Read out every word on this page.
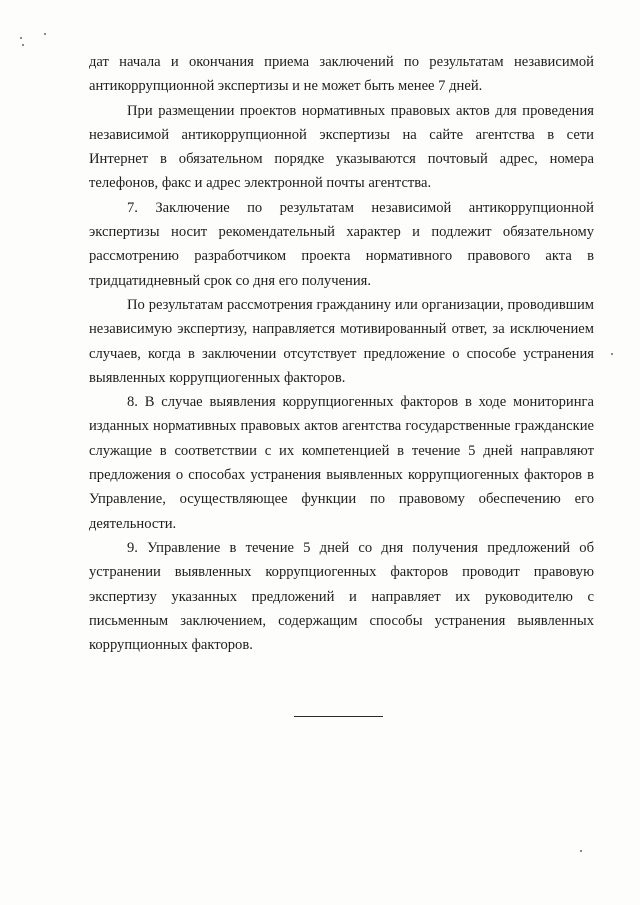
дат начала и окончания приема заключений по результатам независимой антикоррупционной экспертизы и не может быть менее 7 дней.

При размещении проектов нормативных правовых актов для проведения независимой антикоррупционной экспертизы на сайте агентства в сети Интернет в обязательном порядке указываются почтовый адрес, номера телефонов, факс и адрес электронной почты агентства.

7. Заключение по результатам независимой антикоррупционной экспертизы носит рекомендательный характер и подлежит обязательному рассмотрению разработчиком проекта нормативного правового акта в тридцатидневный срок со дня его получения.

По результатам рассмотрения гражданину или организации, проводившим независимую экспертизу, направляется мотивированный ответ, за исключением случаев, когда в заключении отсутствует предложение о способе устранения выявленных коррупциогенных факторов.

8. В случае выявления коррупциогенных факторов в ходе мониторинга изданных нормативных правовых актов агентства государственные гражданские служащие в соответствии с их компетенцией в течение 5 дней направляют предложения о способах устранения выявленных коррупциогенных факторов в Управление, осуществляющее функции по правовому обеспечению его деятельности.

9. Управление в течение 5 дней со дня получения предложений об устранении выявленных коррупциогенных факторов проводит правовую экспертизу указанных предложений и направляет их руководителю с письменным заключением, содержащим способы устранения выявленных коррупционных факторов.
